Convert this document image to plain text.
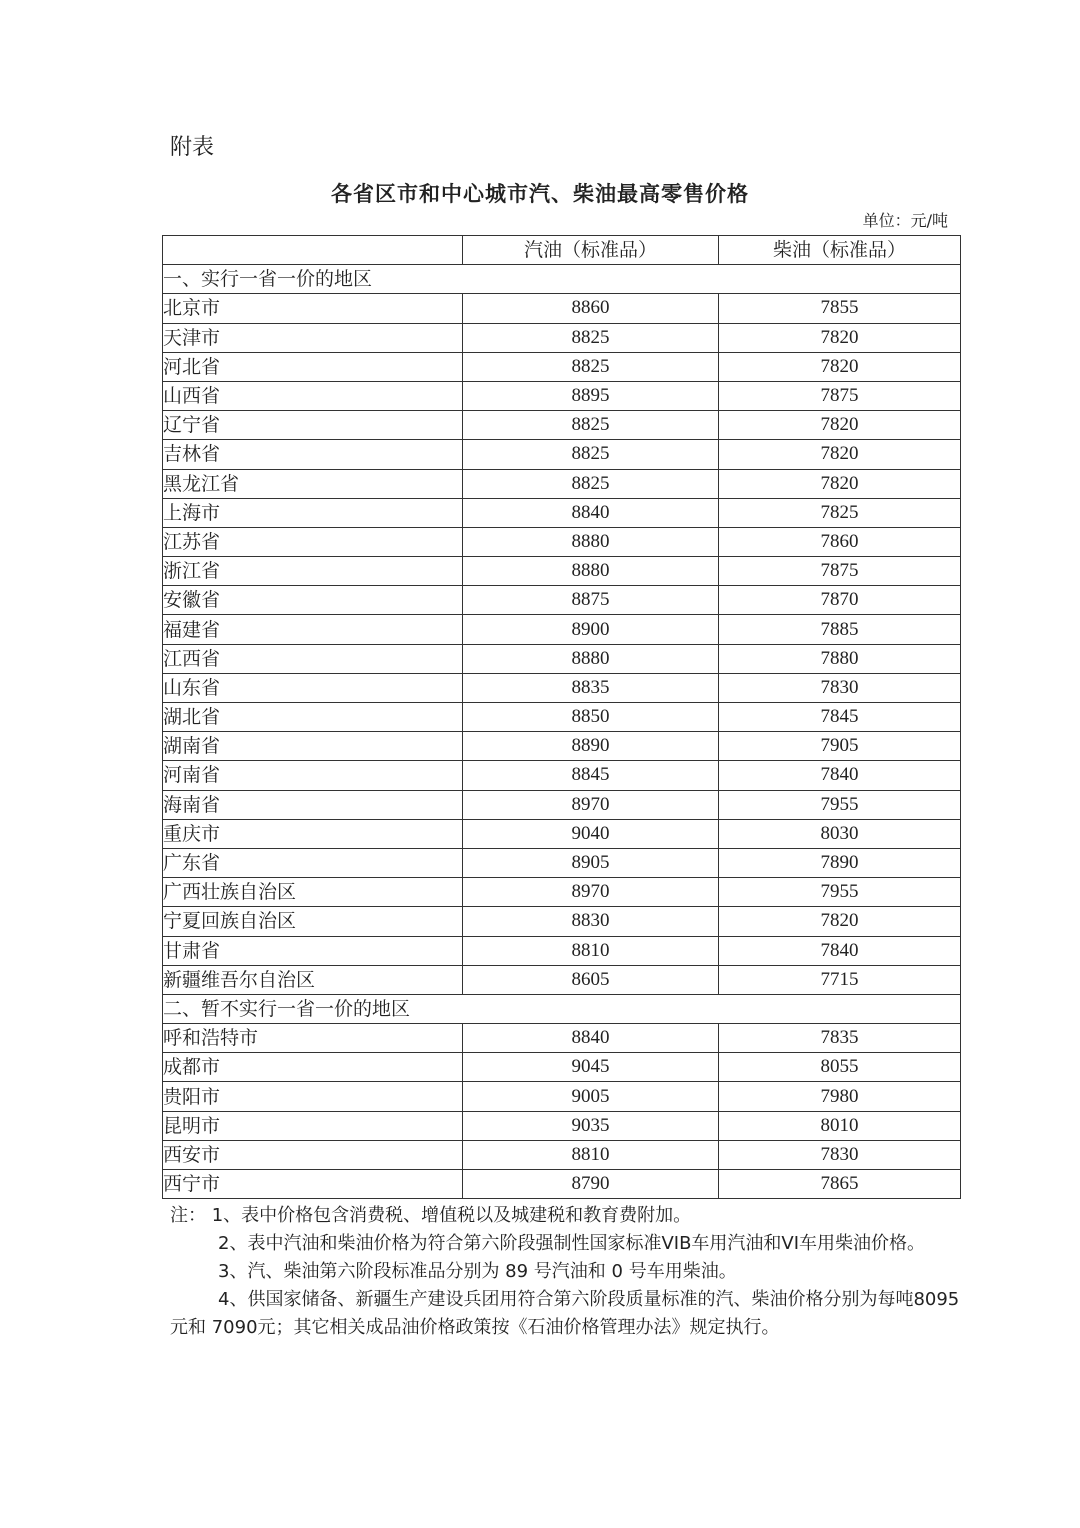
附表
各省区市和中心城市汽、柴油最高零售价格
单位：元/吨
	汽油（标准品）	柴油（标准品）
一、实行一省一价的地区		
北京市	8860	7855
天津市	8825	7820
河北省	8825	7820
山西省	8895	7875
辽宁省	8825	7820
吉林省	8825	7820
黑龙江省	8825	7820
上海市	8840	7825
江苏省	8880	7860
浙江省	8880	7875
安徽省	8875	7870
福建省	8900	7885
江西省	8880	7880
山东省	8835	7830
湖北省	8850	7845
湖南省	8890	7905
河南省	8845	7840
海南省	8970	7955
重庆市	9040	8030
广东省	8905	7890
广西壮族自治区	8970	7955
宁夏回族自治区	8830	7820
甘肃省	8810	7840
新疆维吾尔自治区	8605	7715
二、暂不实行一省一价的地区		
呼和浩特市	8840	7835
成都市	9045	8055
贵阳市	9005	7980
昆明市	9035	8010
西安市	8810	7830
西宁市	8790	7865

注： 1、表中价格包含消费税、增值税以及城建税和教育费附加。

2、表中汽油和柴油价格为符合第六阶段强制性国家标准VIB车用汽油和VI车用柴油价格。

3、汽、柴油第六阶段标准品分别为 89 号汽油和 0 号车用柴油。

4、供国家储备、新疆生产建设兵团用符合第六阶段质量标准的汽、柴油价格分别为每吨8095元和 7090元；其它相关成品油价格政策按《石油价格管理办法》规定执行。
